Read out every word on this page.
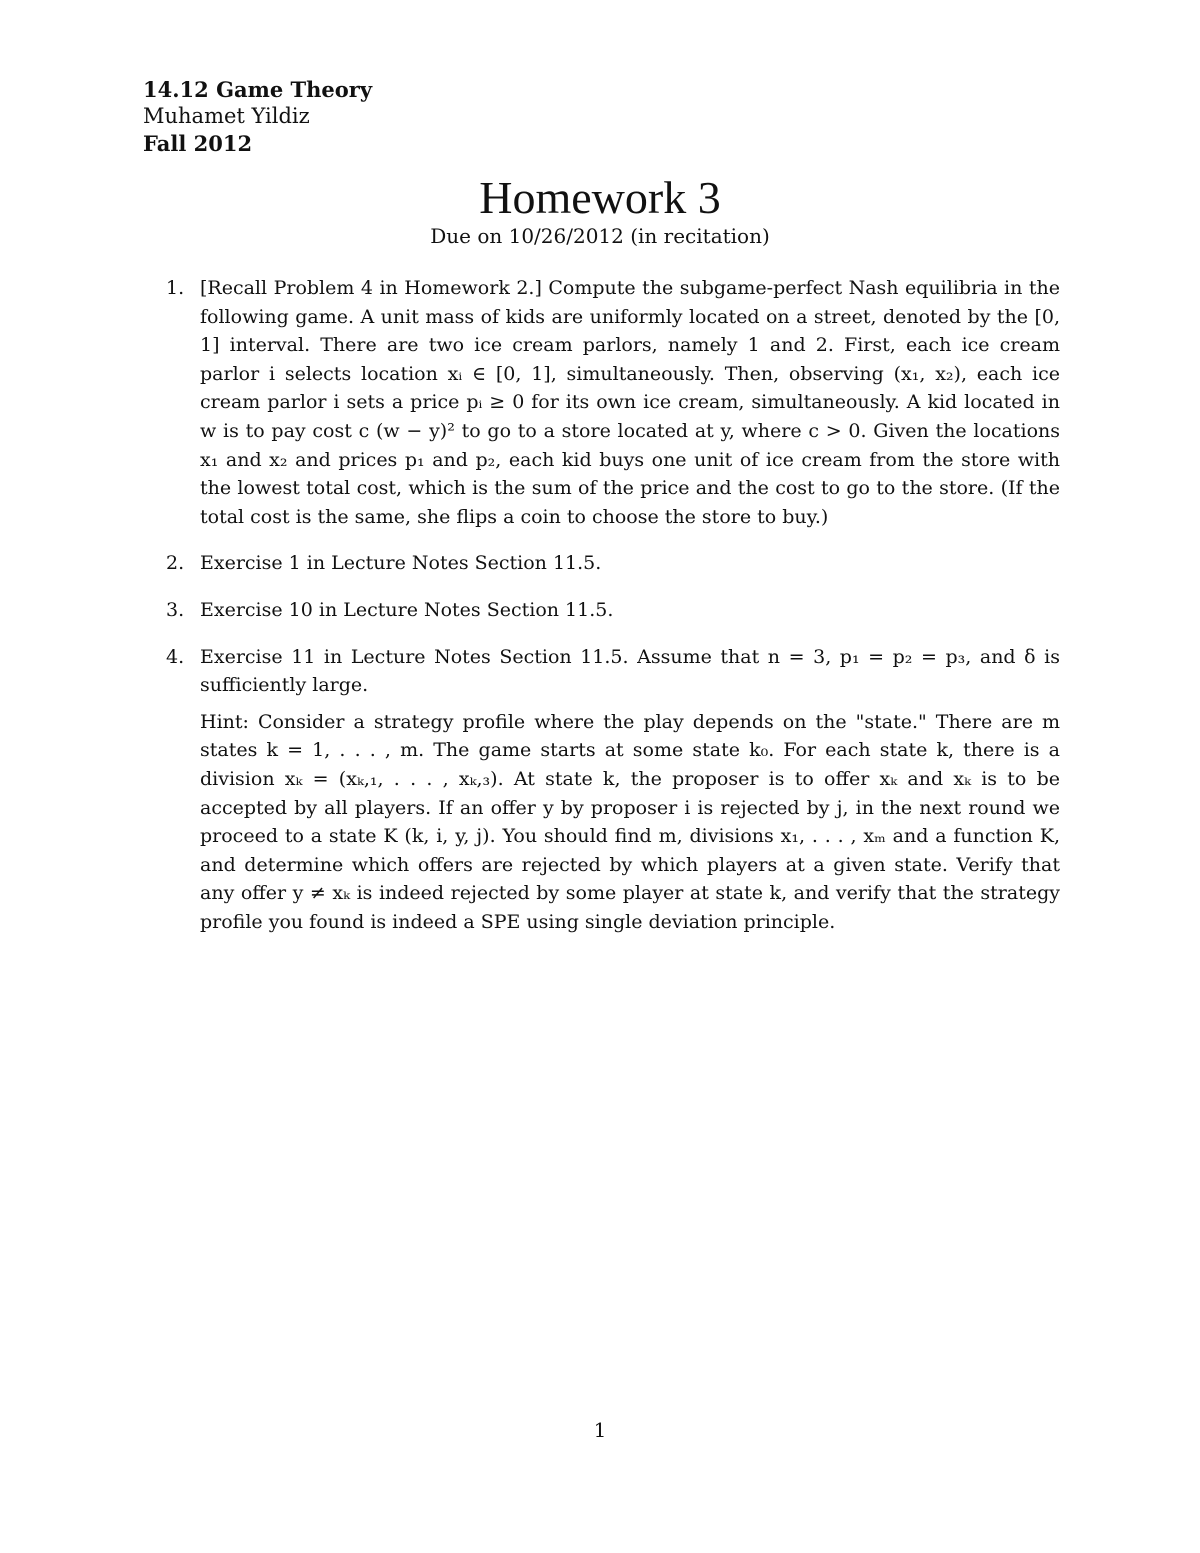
14.12 Game Theory
Muhamet Yildiz
Fall 2012
Homework 3
Due on 10/26/2012 (in recitation)
1. [Recall Problem 4 in Homework 2.] Compute the subgame-perfect Nash equilibria in the following game. A unit mass of kids are uniformly located on a street, denoted by the [0, 1] interval. There are two ice cream parlors, namely 1 and 2. First, each ice cream parlor i selects location xᵢ ∈ [0, 1], simultaneously. Then, observing (x₁, x₂), each ice cream parlor i sets a price pᵢ ≥ 0 for its own ice cream, simultaneously. A kid located in w is to pay cost c (w − y)² to go to a store located at y, where c > 0. Given the locations x₁ and x₂ and prices p₁ and p₂, each kid buys one unit of ice cream from the store with the lowest total cost, which is the sum of the price and the cost to go to the store. (If the total cost is the same, she flips a coin to choose the store to buy.)
2. Exercise 1 in Lecture Notes Section 11.5.
3. Exercise 10 in Lecture Notes Section 11.5.
4. Exercise 11 in Lecture Notes Section 11.5. Assume that n = 3, p₁ = p₂ = p₃, and δ is sufficiently large.
Hint: Consider a strategy profile where the play depends on the "state." There are m states k = 1, . . . , m. The game starts at some state k₀. For each state k, there is a division xₖ = (xₖ,₁, . . . , xₖ,₃). At state k, the proposer is to offer xₖ and xₖ is to be accepted by all players. If an offer y by proposer i is rejected by j, in the next round we proceed to a state K (k, i, y, j). You should find m, divisions x₁, . . . , xₘ and a function K, and determine which offers are rejected by which players at a given state. Verify that any offer y ≠ xₖ is indeed rejected by some player at state k, and verify that the strategy profile you found is indeed a SPE using single deviation principle.
1
